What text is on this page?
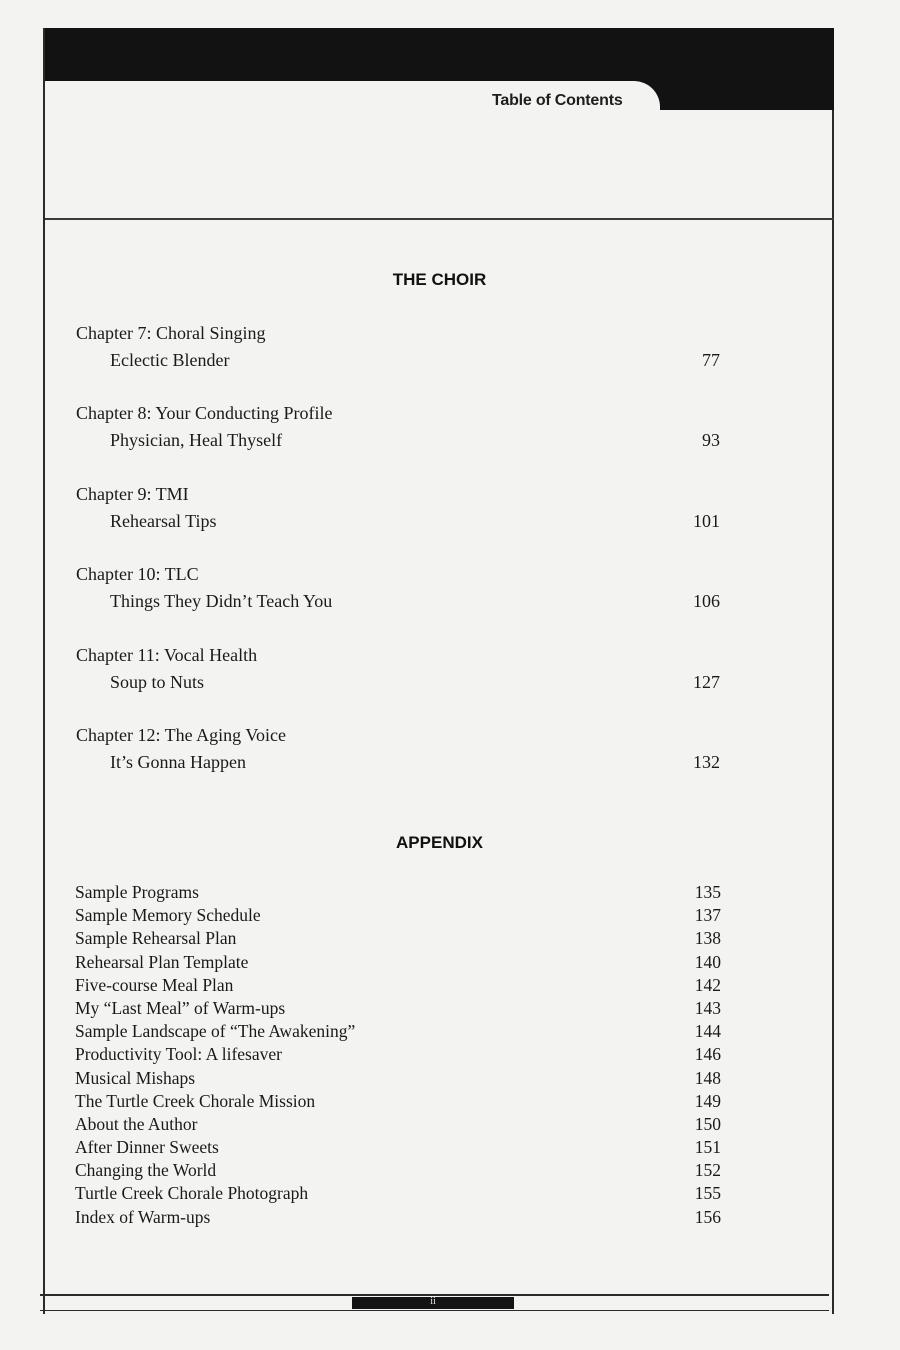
Table of Contents
THE CHOIR
Chapter 7: Choral Singing
Eclectic Blender	77
Chapter 8: Your Conducting Profile
Physician, Heal Thyself	93
Chapter 9: TMI
Rehearsal Tips	101
Chapter 10: TLC
Things They Didn’t Teach You	106
Chapter 11: Vocal Health
Soup to Nuts	127
Chapter 12: The Aging Voice
It’s Gonna Happen	132
APPENDIX
Sample Programs	135
Sample Memory Schedule	137
Sample Rehearsal Plan	138
Rehearsal Plan Template	140
Five-course Meal Plan	142
My “Last Meal” of Warm-ups	143
Sample Landscape of “The Awakening”	144
Productivity Tool: A lifesaver	146
Musical Mishaps	148
The Turtle Creek Chorale Mission	149
About the Author	150
After Dinner Sweets	151
Changing the World	152
Turtle Creek Chorale Photograph	155
Index of Warm-ups	156
ii
